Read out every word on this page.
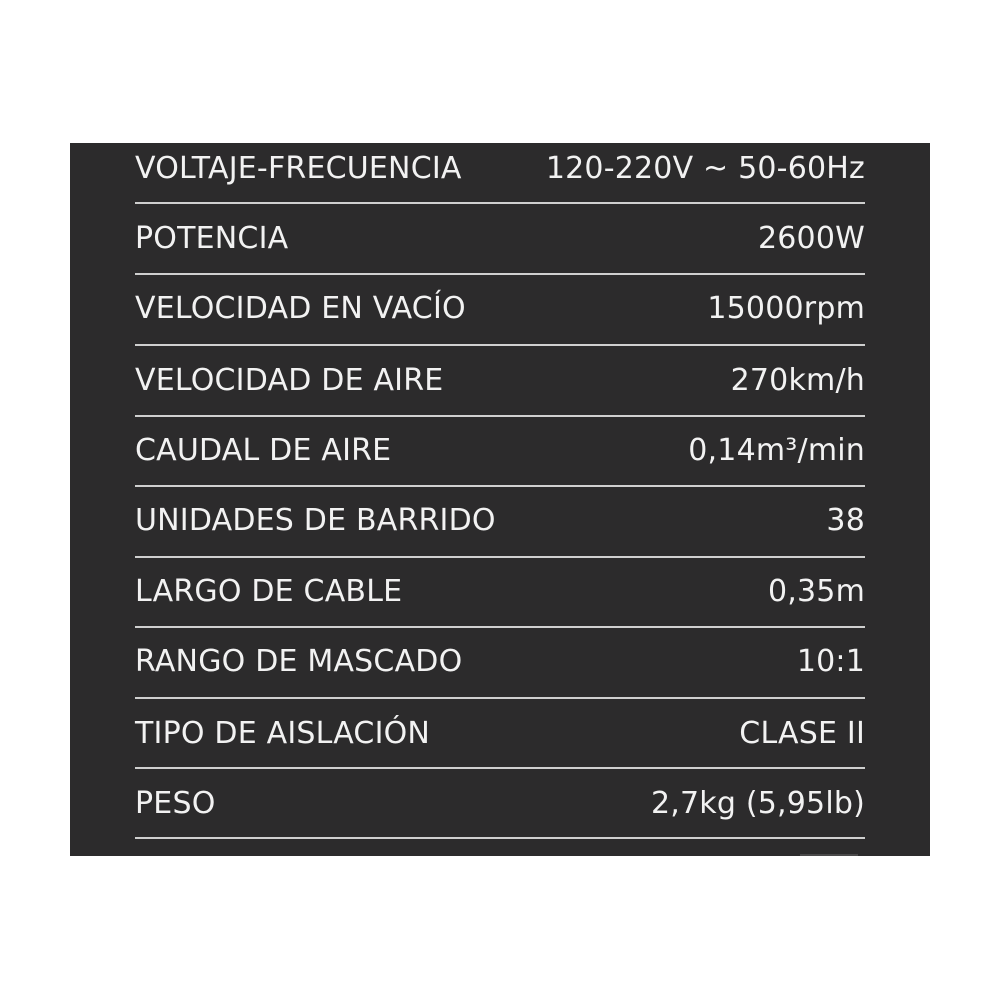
VOLTAJE-FRECUENCIA	120-220V ~ 50-60Hz
POTENCIA	2600W
VELOCIDAD EN VACÍO	15000rpm
VELOCIDAD DE AIRE	270km/h
CAUDAL DE AIRE	0,14m³/min
UNIDADES DE BARRIDO	38
LARGO DE CABLE	0,35m
RANGO DE MASCADO	10:1
TIPO DE AISLACIÓN	CLASE II
PESO	2,7kg (5,95lb)
